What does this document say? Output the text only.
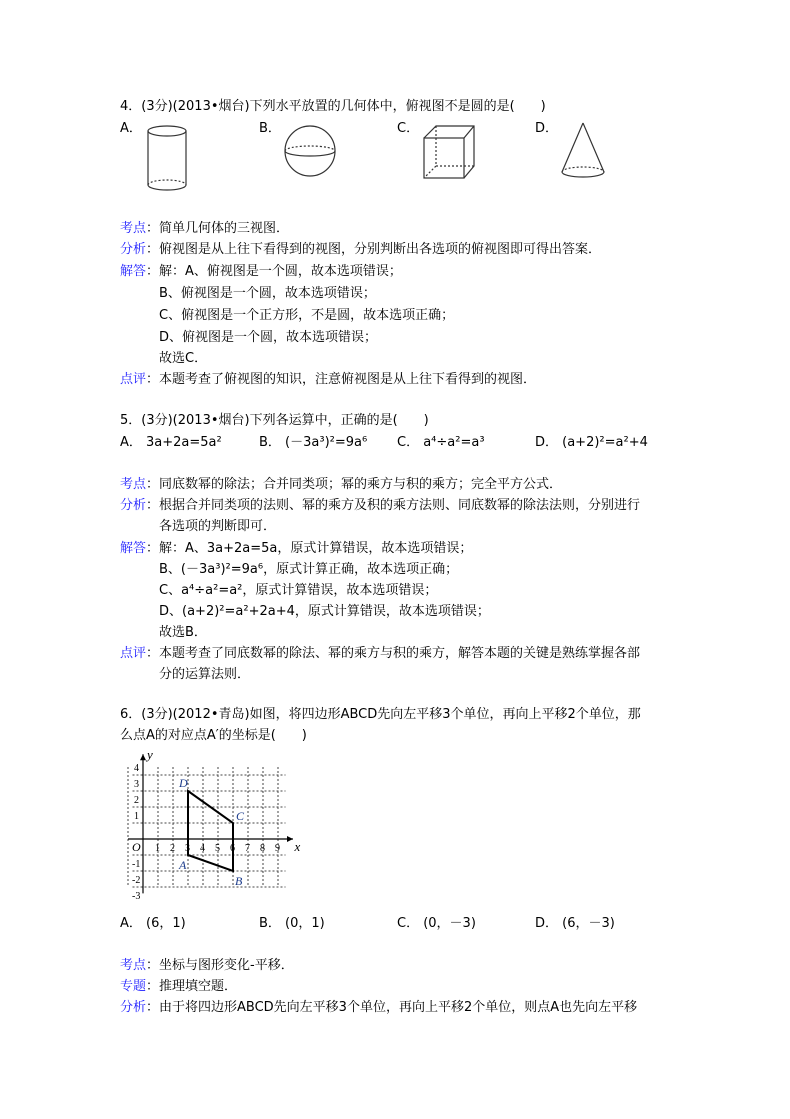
4．(3分)(2013•烟台)下列水平放置的几何体中，俯视图不是圆的是(　　)
A．	B．	C．	D．
考点 ： 简单几何体的三视图．
分析 ： 俯视图是从上往下看得到的视图，分别判断出各选项的俯视图即可得出答案．
解答 ： 解：A、俯视图是一个圆，故本选项错误；
B、俯视图是一个圆，故本选项错误；
C、俯视图是一个正方形，不是圆，故本选项正确；
D、俯视图是一个圆，故本选项错误；
故选C．
点评 ： 本题考查了俯视图的知识，注意俯视图是从上往下看得到的视图．
5．(3分)(2013•烟台)下列各运算中，正确的是(　　)
A． 3a+2a=5a²	B． (－3a³)²=9a⁶ C． a⁴÷a²=a³	D． (a+2)²=a²+4
考点 ： 同底数幂的除法；合并同类项；幂的乘方与积的乘方；完全平方公式．
分析 ： 根据合并同类项的法则、幂的乘方及积的乘方法则、同底数幂的除法法则，分别进行
各选项的判断即可．
解答 ： 解：A、3a+2a=5a，原式计算错误，故本选项错误；
B、(－3a³)²=9a⁶，原式计算正确，故本选项正确；
C、a⁴÷a²=a²，原式计算错误，故本选项错误；
D、(a+2)²=a²+2a+4，原式计算错误，故本选项错误；
故选B．
点评 ： 本题考查了同底数幂的除法、幂的乘方与积的乘方，解答本题的关键是熟练掌握各部
分的运算法则．
6．(3分)(2012•青岛)如图，将四边形ABCD先向左平移3个单位，再向上平移2个单位，那
么点A的对应点A′的坐标是(　　)
x
y
O 1 2 3 4 5 6 7 8 9
4
3
2
1
-1
-2
-3
A
B
C
D
A． (6，1)	B． (0，1)	C． (0，－3)	D． (6，－3)
考点 ： 坐标与图形变化-平移．
专题 ： 推理填空题．
分析 ： 由于将四边形ABCD先向左平移3个单位，再向上平移2个单位，则点A也先向左平移
